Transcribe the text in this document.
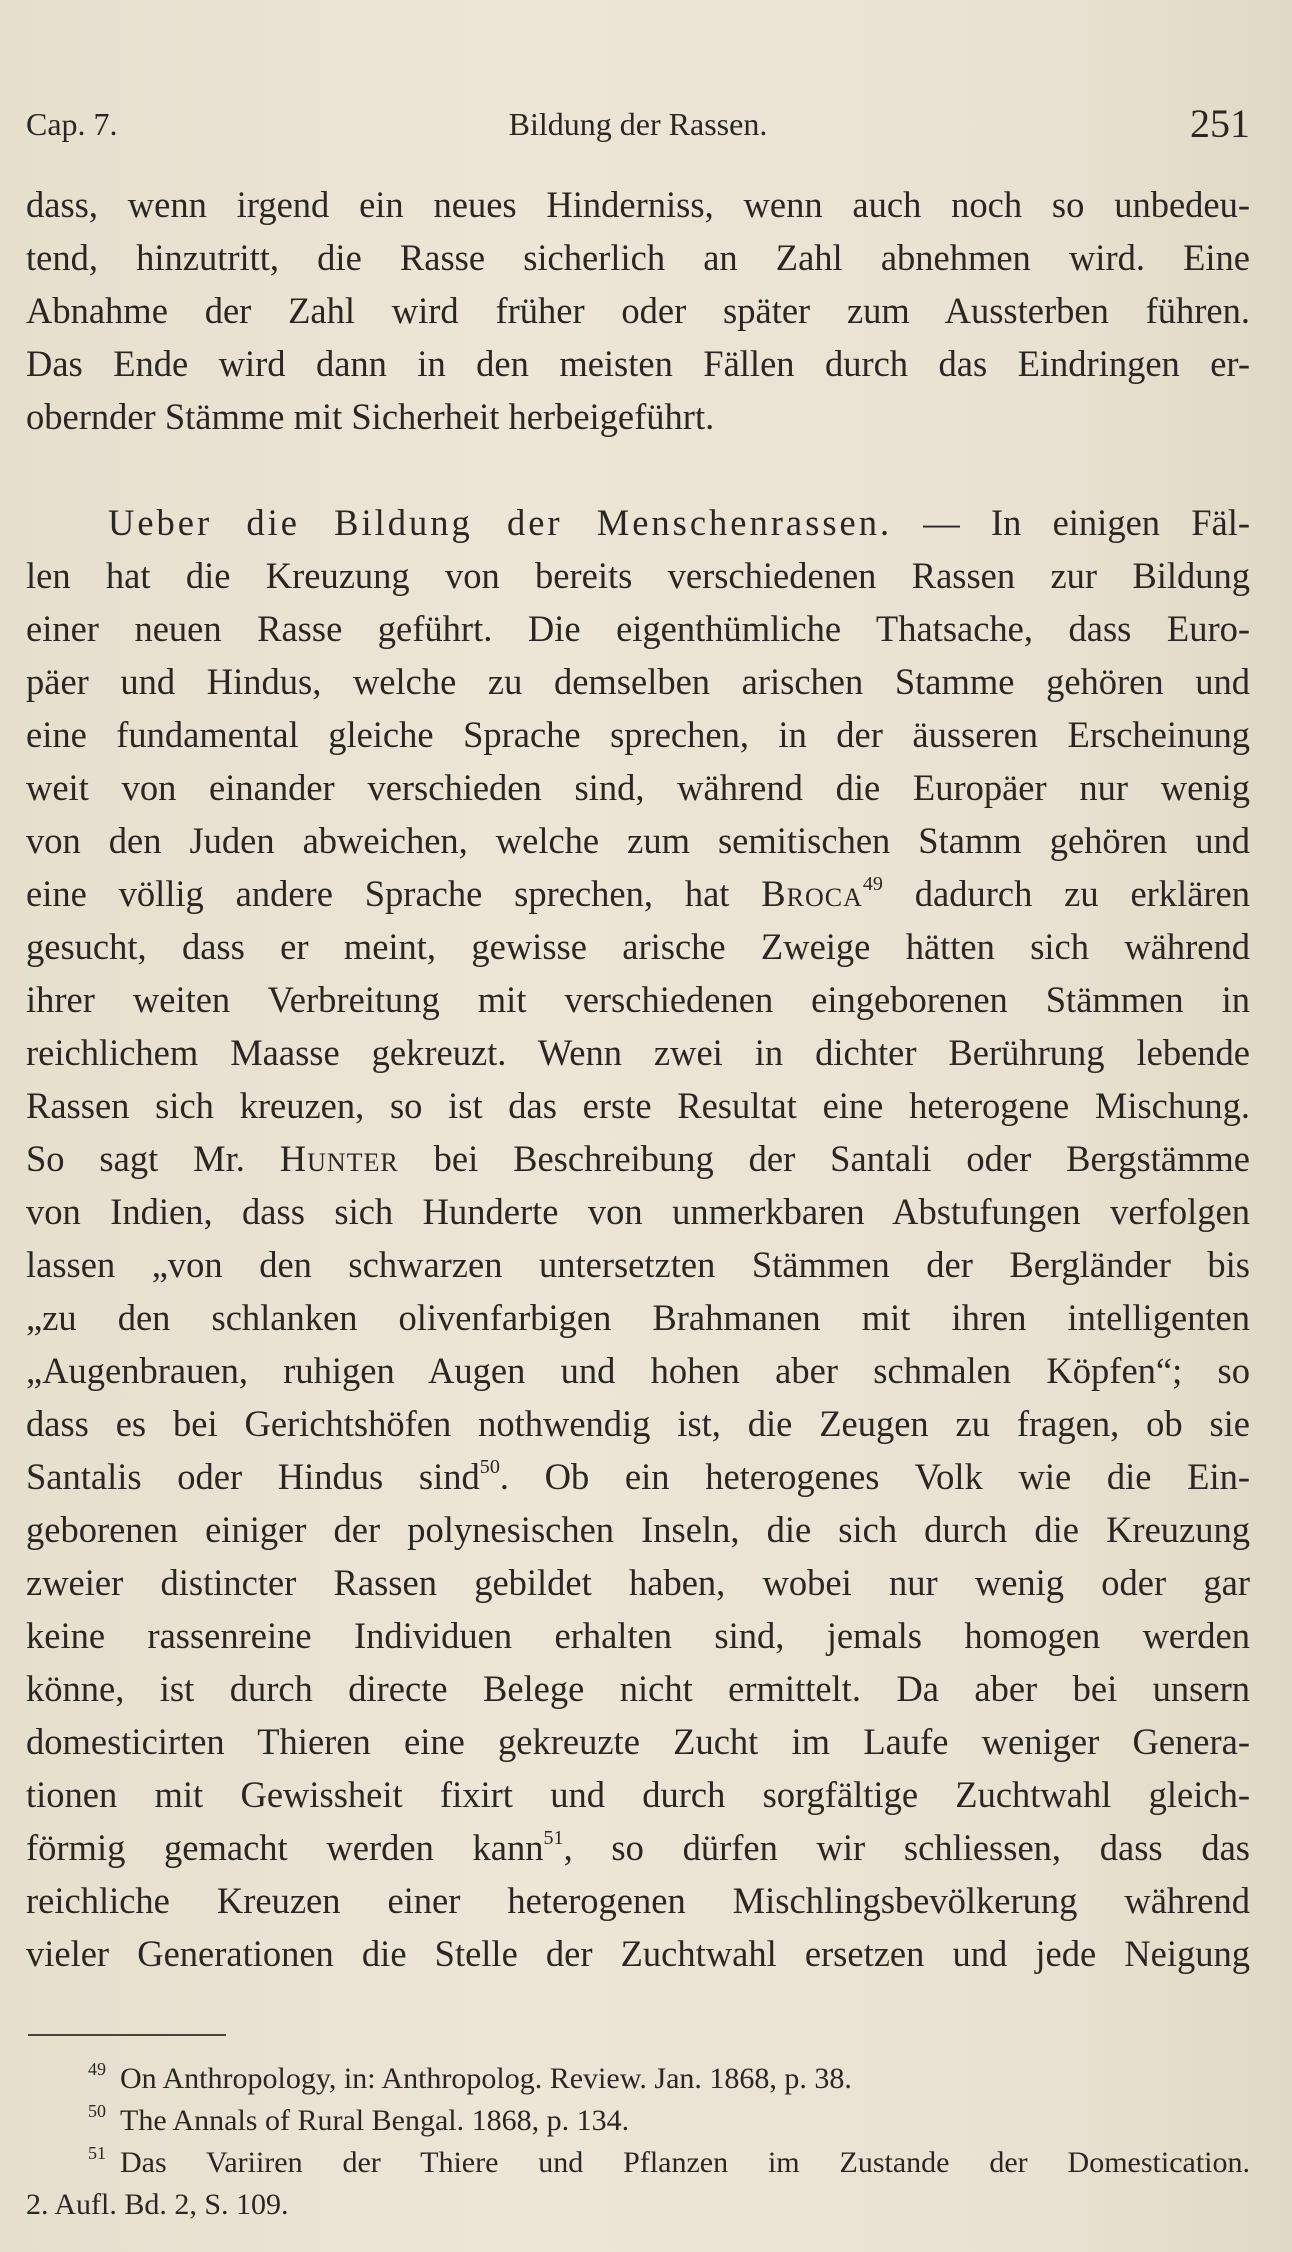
Cap. 7.	Bildung der Rassen.	251
dass, wenn irgend ein neues Hinderniss, wenn auch noch so unbedeu-
tend, hinzutritt, die Rasse sicherlich an Zahl abnehmen wird. Eine
Abnahme der Zahl wird früher oder später zum Aussterben führen.
Das Ende wird dann in den meisten Fällen durch das Eindringen er-
obernder Stämme mit Sicherheit herbeigeführt.
Ueber die Bildung der Menschenrassen. — In einigen Fäl-
len hat die Kreuzung von bereits verschiedenen Rassen zur Bildung
einer neuen Rasse geführt. Die eigenthümliche Thatsache, dass Euro-
päer und Hindus, welche zu demselben arischen Stamme gehören und
eine fundamental gleiche Sprache sprechen, in der äusseren Erscheinung
weit von einander verschieden sind, während die Europäer nur wenig
von den Juden abweichen, welche zum semitischen Stamm gehören und
eine völlig andere Sprache sprechen, hat Broca$^{49}$ dadurch zu erklären
gesucht, dass er meint, gewisse arische Zweige hätten sich während
ihrer weiten Verbreitung mit verschiedenen eingeborenen Stämmen in
reichlichem Maasse gekreuzt. Wenn zwei in dichter Berührung lebende
Rassen sich kreuzen, so ist das erste Resultat eine heterogene Mischung.
So sagt Mr. Hunter bei Beschreibung der Santali oder Bergstämme
von Indien, dass sich Hunderte von unmerkbaren Abstufungen verfolgen
lassen „von den schwarzen untersetzten Stämmen der Bergländer bis
„zu den schlanken olivenfarbigen Brahmanen mit ihren intelligenten
„Augenbrauen, ruhigen Augen und hohen aber schmalen Köpfen“; so
dass es bei Gerichtshöfen nothwendig ist, die Zeugen zu fragen, ob sie
Santalis oder Hindus sind$^{50}$. Ob ein heterogenes Volk wie die Ein-
geborenen einiger der polynesischen Inseln, die sich durch die Kreuzung
zweier distincter Rassen gebildet haben, wobei nur wenig oder gar
keine rassenreine Individuen erhalten sind, jemals homogen werden
könne, ist durch directe Belege nicht ermittelt. Da aber bei unsern
domesticirten Thieren eine gekreuzte Zucht im Laufe weniger Genera-
tionen mit Gewissheit fixirt und durch sorgfältige Zuchtwahl gleich-
förmig gemacht werden kann$^{51}$, so dürfen wir schliessen, dass das
reichliche Kreuzen einer heterogenen Mischlingsbevölkerung während
vieler Generationen die Stelle der Zuchtwahl ersetzen und jede Neigung
$^{49}$ On Anthropology, in: Anthropolog. Review. Jan. 1868, p. 38.
$^{50}$ The Annals of Rural Bengal. 1868, p. 134.
$^{51}$ Das Variiren der Thiere und Pflanzen im Zustande der Domestication.
2. Aufl. Bd. 2, S. 109.
